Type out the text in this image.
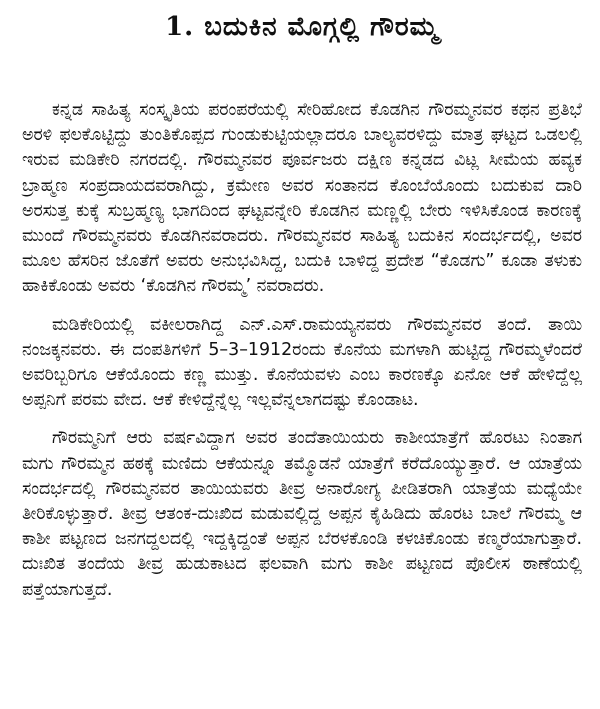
1. ಬದುಕಿನ ಮೊಗ್ಗಲ್ಲಿ ಗೌರಮ್ಮ

ಕನ್ನಡ ಸಾಹಿತ್ಯ ಸಂಸ್ಕೃತಿಯ ಪರಂಪರೆಯಲ್ಲಿ ಸೇರಿಹೋದ ಕೊಡಗಿನ ಗೌರಮ್ಮನವರ ಕಥನ ಪ್ರತಿಭೆ ಅರಳಿ ಫಲಕೊಟ್ಟಿದ್ದು ತುಂತಿಕೊಪ್ಪದ ಗುಂಡುಕುಟ್ಟಿಯಲ್ಲಾದರೂ ಬಾಲ್ಯವರಳಿದ್ದು ಮಾತ್ರ ಘಟ್ಟದ ಒಡಲಲ್ಲಿ ಇರುವ ಮಡಿಕೇರಿ ನಗರದಲ್ಲಿ. ಗೌರಮ್ಮನವರ ಪೂರ್ವಜರು ದಕ್ಷಿಣ ಕನ್ನಡದ ವಿಟ್ಲ ಸೀಮೆಯ ಹವ್ಯಕ ಬ್ರಾಹ್ಮಣ ಸಂಪ್ರದಾಯದವರಾಗಿದ್ದು, ಕ್ರಮೇಣ ಅವರ ಸಂತಾನದ ಕೊಂಬೆಯೊಂದು ಬದುಕುವ ದಾರಿ ಅರಸುತ್ತ ಕುಕ್ಕೆ ಸುಬ್ರಹ್ಮಣ್ಯ ಭಾಗದಿಂದ ಘಟ್ಟವನ್ನೇರಿ ಕೊಡಗಿನ ಮಣ್ಣಲ್ಲಿ ಬೇರು ಇಳಿಸಿಕೊಂಡ ಕಾರಣಕ್ಕೆ ಮುಂದೆ ಗೌರಮ್ಮನವರು ಕೊಡಗಿನವರಾದರು. ಗೌರಮ್ಮನವರ ಸಾಹಿತ್ಯ ಬದುಕಿನ ಸಂದರ್ಭದಲ್ಲಿ, ಅವರ ಮೂಲ ಹೆಸರಿನ ಜೊತೆಗೆ ಅವರು ಅನುಭವಿಸಿದ್ದ, ಬದುಕಿ ಬಾಳಿದ್ದ ಪ್ರದೇಶ “ಕೊಡಗು” ಕೂಡಾ ತಳುಕು ಹಾಕಿಕೊಂಡು ಅವರು ‘ಕೊಡಗಿನ ಗೌರಮ್ಮ’ ನವರಾದರು.

ಮಡಿಕೇರಿಯಲ್ಲಿ ವಕೀಲರಾಗಿದ್ದ ಎನ್.ಎಸ್.ರಾಮಯ್ಯನವರು ಗೌರಮ್ಮನವರ ತಂದೆ. ತಾಯಿ ನಂಜಕ್ಕನವರು. ಈ ದಂಪತಿಗಳಿಗೆ 5–3–1912ರಂದು ಕೊನೆಯ ಮಗಳಾಗಿ ಹುಟ್ಟಿದ್ದ ಗೌರಮ್ಮಳೆಂದರೆ ಅವರಿಬ್ಬರಿಗೂ ಆಕೆಯೊಂದು ಕಣ್ಣ ಮುತ್ತು. ಕೊನೆಯವಳು ಎಂಬ ಕಾರಣಕ್ಕೊ ಏನೋ ಆಕೆ ಹೇಳಿದ್ದೆಲ್ಲ ಅಪ್ಪನಿಗೆ ಪರಮ ವೇದ. ಆಕೆ ಕೇಳಿದ್ದೆನ್ನೆಲ್ಲ ಇಲ್ಲವೆನ್ನಲಾಗದಷ್ಟು ಕೊಂಡಾಟ.

ಗೌರಮ್ಮನಿಗೆ ಆರು ವರ್ಷವಿದ್ದಾಗ ಅವರ ತಂದೆತಾಯಿಯರು ಕಾಶೀಯಾತ್ರೆಗೆ ಹೊರಟು ನಿಂತಾಗ ಮಗು ಗೌರಮ್ಮನ ಹಠಕ್ಕೆ ಮಣಿದು ಆಕೆಯನ್ನೂ ತಮ್ಮೊಡನೆ ಯಾತ್ರೆಗೆ ಕರೆದೊಯ್ಯುತ್ತಾರೆ. ಆ ಯಾತ್ರೆಯ ಸಂದರ್ಭದಲ್ಲಿ ಗೌರಮ್ಮನವರ ತಾಯಿಯವರು ತೀವ್ರ ಅನಾರೋಗ್ಯ ಪೀಡಿತರಾಗಿ ಯಾತ್ರೆಯ ಮಧ್ಯೆಯೇ ತೀರಿಕೊಳ್ಳುತ್ತಾರೆ. ತೀವ್ರ ಆತಂಕ-ದುಃಖಿದ ಮಡುವಲ್ಲಿದ್ದ ಅಪ್ಪನ ಕೈಹಿಡಿದು ಹೊರಟ ಬಾಲೆ ಗೌರಮ್ಮ ಆ ಕಾಶೀ ಪಟ್ಟಣದ ಜನಗದ್ದಲದಲ್ಲಿ ಇದ್ದಕ್ಕಿದ್ದಂತೆ ಅಪ್ಪನ ಬೆರಳಕೊಂಡಿ ಕಳಚಿಕೊಂಡು ಕಣ್ಮರೆಯಾಗುತ್ತಾರೆ. ದುಃಖಿತ ತಂದೆಯ ತೀವ್ರ ಹುಡುಕಾಟದ ಫಲವಾಗಿ ಮಗು ಕಾಶೀ ಪಟ್ಟಣದ ಪೊಲೀಸ ಠಾಣೆಯಲ್ಲಿ ಪತ್ತೆಯಾಗುತ್ತದೆ.
